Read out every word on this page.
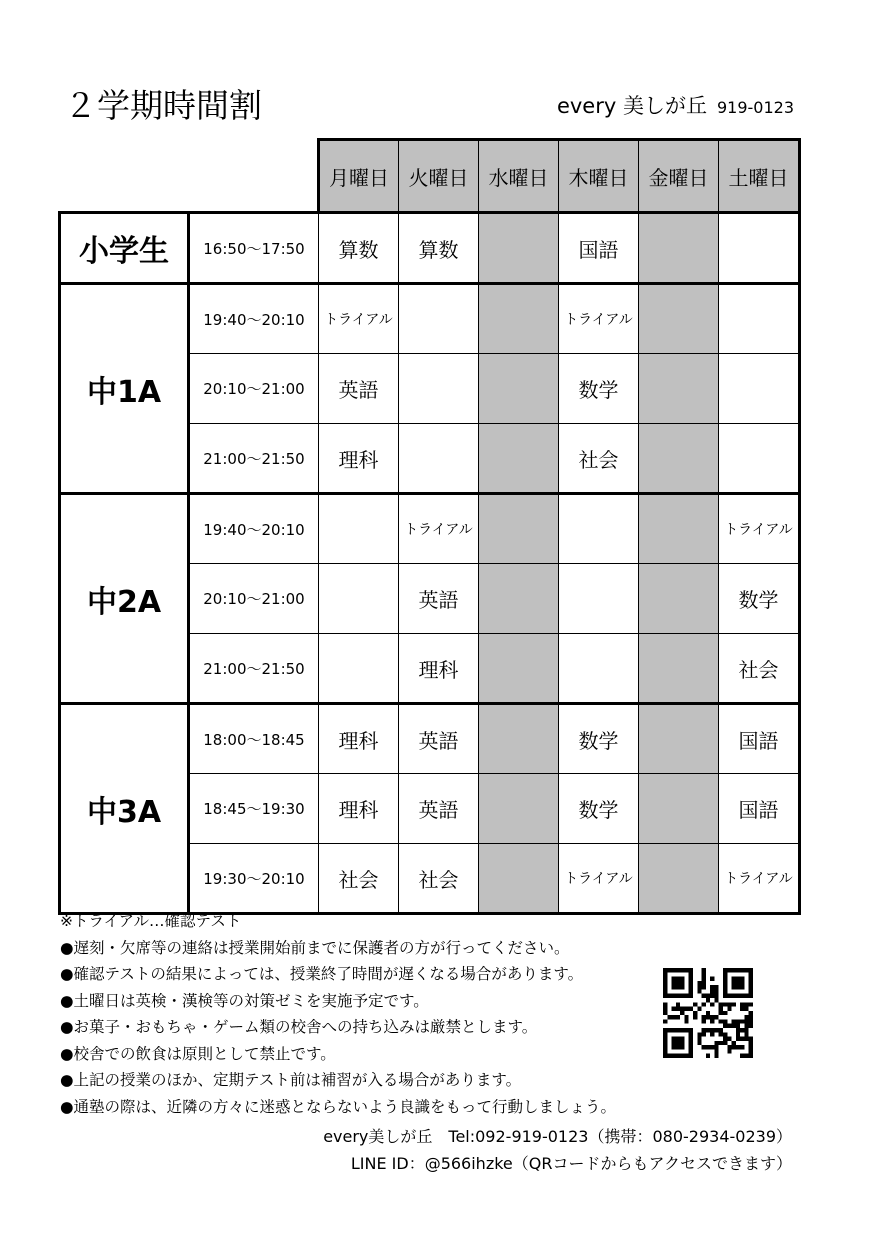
２学期時間割	every 美しが丘 919-0123
		月曜日	火曜日	水曜日	木曜日	金曜日	土曜日
小学生	16:50～17:50	算数	算数		国語		
中1A	19:40～20:10	トライアル			トライアル		
	20:10～21:00	英語			数学		
	21:00～21:50	理科			社会		
中2A	19:40～20:10		トライアル				トライアル
	20:10～21:00		英語				数学
	21:00～21:50		理科				社会
中3A	18:00～18:45	理科	英語		数学		国語
	18:45～19:30	理科	英語		数学		国語
	19:30～20:10	社会	社会		トライアル		トライアル
※トライアル…確認テスト
●遅刻・欠席等の連絡は授業開始前までに保護者の方が行ってください。
●確認テストの結果によっては、授業終了時間が遅くなる場合があります。
●土曜日は英検・漢検等の対策ゼミを実施予定です。
●お菓子・おもちゃ・ゲーム類の校舎への持ち込みは厳禁とします。
●校舎での飲食は原則として禁止です。
●上記の授業のほか、定期テスト前は補習が入る場合があります。
●通塾の際は、近隣の方々に迷惑とならないよう良識をもって行動しましょう。
every美しが丘　Tel:092-919-0123（携帯：080-2934-0239）
LINE ID：@566ihzke（QRコードからもアクセスできます）
